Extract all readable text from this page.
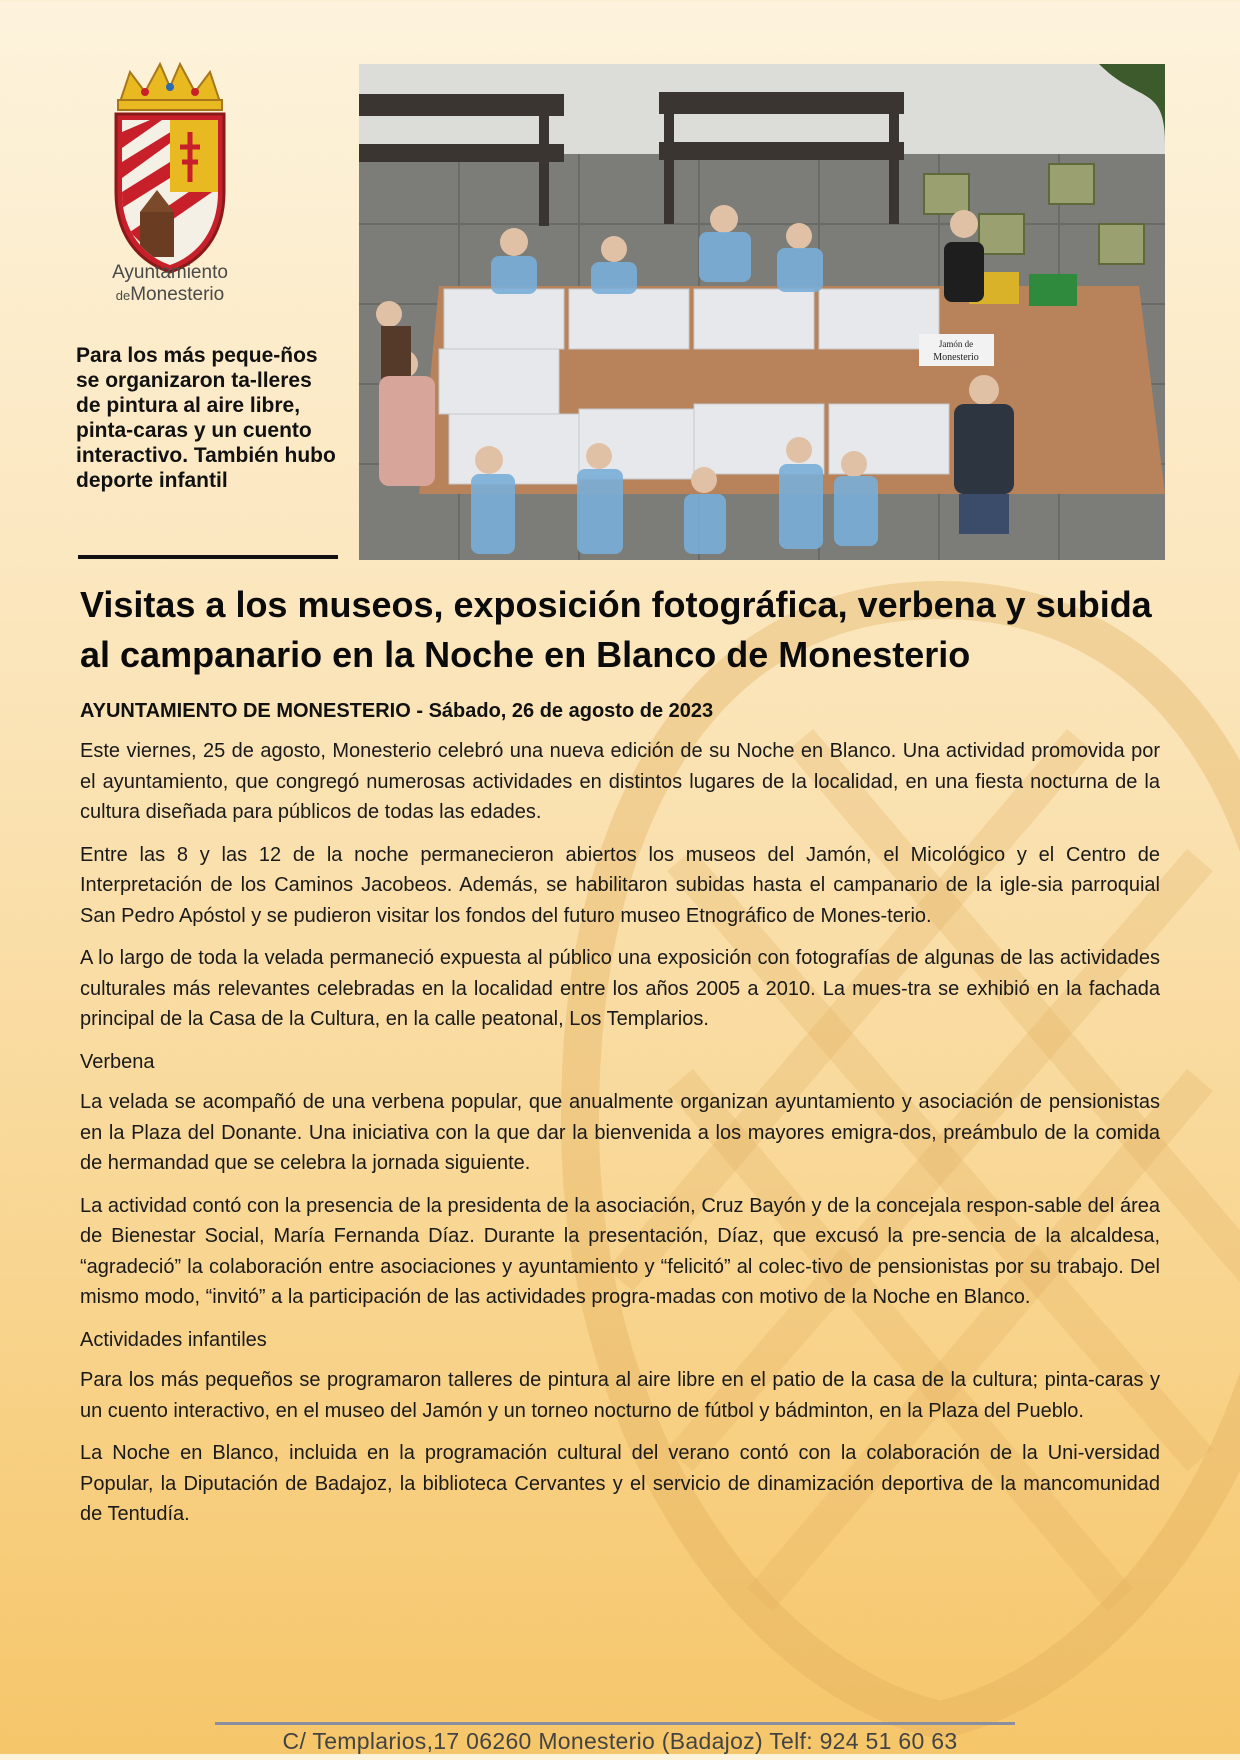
Ayuntamiento
deMonesterio
Para los más peque-ños se organizaron ta-lleres de pintura al aire libre, pinta-caras y un cuento interactivo. También hubo deporte infantil
Jamón de
Monesterio
Visitas a los museos, exposición fotográfica, verbena y subida al campanario en la Noche en Blanco de Monesterio
AYUNTAMIENTO DE MONESTERIO - Sábado, 26 de agosto de 2023

Este viernes, 25 de agosto, Monesterio celebró una nueva edición de su Noche en Blanco. Una actividad promovida por el ayuntamiento, que congregó numerosas actividades en distintos lugares de la localidad, en una fiesta nocturna de la cultura diseñada para públicos de todas las edades.

Entre las 8 y las 12 de la noche permanecieron abiertos los museos del Jamón, el Micológico y el Centro de Interpretación de los Caminos Jacobeos. Además, se habilitaron subidas hasta el campanario de la igle-sia parroquial San Pedro Apóstol y se pudieron visitar los fondos del futuro museo Etnográfico de Mones-terio.

A lo largo de toda la velada permaneció expuesta al público una exposición con fotografías de algunas de las actividades culturales más relevantes celebradas en la localidad entre los años 2005 a 2010. La mues-tra se exhibió en la fachada principal de la Casa de la Cultura, en la calle peatonal, Los Templarios.

Verbena

La velada se acompañó de una verbena popular, que anualmente organizan ayuntamiento y asociación de pensionistas en la Plaza del Donante. Una iniciativa con la que dar la bienvenida a los mayores emigra-dos, preámbulo de la comida de hermandad que se celebra la jornada siguiente.

La actividad contó con la presencia de la presidenta de la asociación, Cruz Bayón y de la concejala respon-sable del área de Bienestar Social, María Fernanda Díaz. Durante la presentación, Díaz, que excusó la pre-sencia de la alcaldesa, “agradeció” la colaboración entre asociaciones y ayuntamiento y “felicitó” al colec-tivo de pensionistas por su trabajo. Del mismo modo, “invitó” a la participación de las actividades progra-madas con motivo de la Noche en Blanco.

Actividades infantiles

Para los más pequeños se programaron talleres de pintura al aire libre en el patio de la casa de la cultura; pinta-caras y un cuento interactivo, en el museo del Jamón y un torneo nocturno de fútbol y bádminton, en la Plaza del Pueblo.

La Noche en Blanco, incluida en la programación cultural del verano contó con la colaboración de la Uni-versidad Popular, la Diputación de Badajoz, la biblioteca Cervantes y el servicio de dinamización deportiva de la mancomunidad de Tentudía.

C/ Templarios,17 06260 Monesterio (Badajoz) Telf: 924 51 60 63
